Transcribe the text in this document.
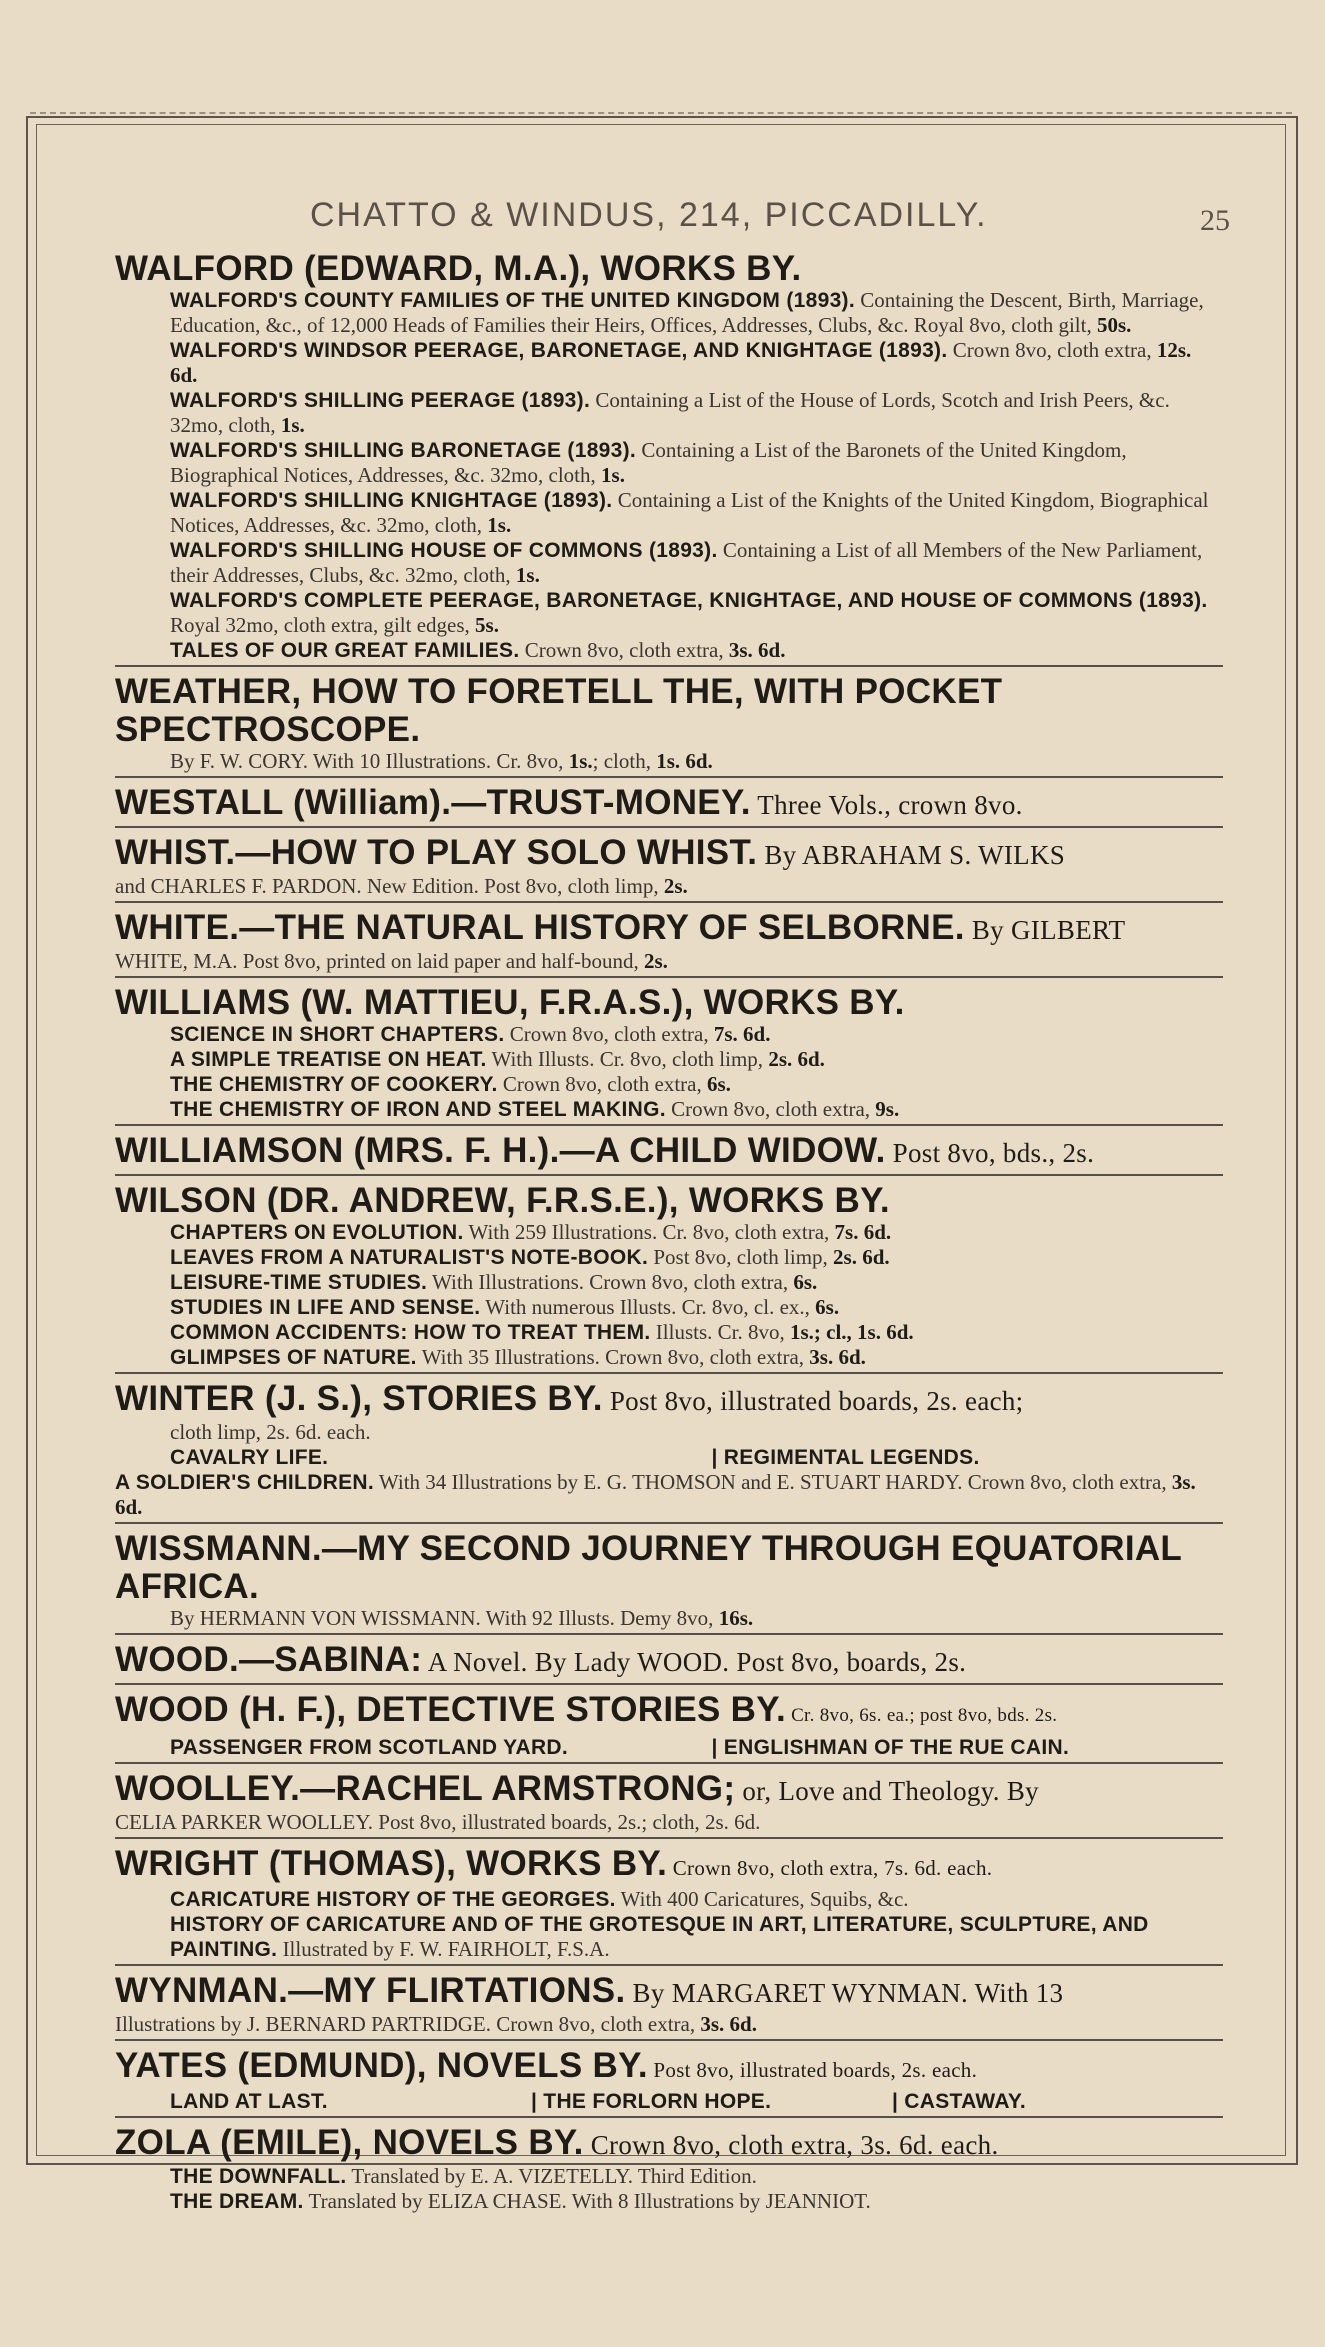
CHATTO & WINDUS, 214, PICCADILLY.	25
WALFORD (EDWARD, M.A.), WORKS BY.
WALFORD'S COUNTY FAMILIES OF THE UNITED KINGDOM (1893). Containing the Descent, Birth, Marriage, Education, &c., of 12,000 Heads of Families their Heirs, Offices, Addresses, Clubs, &c. Royal 8vo, cloth gilt, 50s.
WALFORD'S WINDSOR PEERAGE, BARONETAGE, AND KNIGHTAGE (1893). Crown 8vo, cloth extra, 12s. 6d.
WALFORD'S SHILLING PEERAGE (1893). Containing a List of the House of Lords, Scotch and Irish Peers, &c. 32mo, cloth, 1s.
WALFORD'S SHILLING BARONETAGE (1893). Containing a List of the Baronets of the United Kingdom, Biographical Notices, Addresses, &c. 32mo, cloth, 1s.
WALFORD'S SHILLING KNIGHTAGE (1893). Containing a List of the Knights of the United Kingdom, Biographical Notices, Addresses, &c. 32mo, cloth, 1s.
WALFORD'S SHILLING HOUSE OF COMMONS (1893). Containing a List of all Members of the New Parliament, their Addresses, Clubs, &c. 32mo, cloth, 1s.
WALFORD'S COMPLETE PEERAGE, BARONETAGE, KNIGHTAGE, AND HOUSE OF COMMONS (1893). Royal 32mo, cloth extra, gilt edges, 5s.
TALES OF OUR GREAT FAMILIES. Crown 8vo, cloth extra, 3s. 6d.
WEATHER, HOW TO FORETELL THE, WITH POCKET SPECTROSCOPE.
By F. W. CORY. With 10 Illustrations. Cr. 8vo, 1s.; cloth, 1s. 6d.
WESTALL (William).—TRUST-MONEY. Three Vols., crown 8vo.
WHIST.—HOW TO PLAY SOLO WHIST. By ABRAHAM S. WILKS
and CHARLES F. PARDON. New Edition. Post 8vo, cloth limp, 2s.
WHITE.—THE NATURAL HISTORY OF SELBORNE. By GILBERT
WHITE, M.A. Post 8vo, printed on laid paper and half-bound, 2s.
WILLIAMS (W. MATTIEU, F.R.A.S.), WORKS BY.
SCIENCE IN SHORT CHAPTERS. Crown 8vo, cloth extra, 7s. 6d.
A SIMPLE TREATISE ON HEAT. With Illusts. Cr. 8vo, cloth limp, 2s. 6d.
THE CHEMISTRY OF COOKERY. Crown 8vo, cloth extra, 6s.
THE CHEMISTRY OF IRON AND STEEL MAKING. Crown 8vo, cloth extra, 9s.
WILLIAMSON (MRS. F. H.).—A CHILD WIDOW. Post 8vo, bds., 2s.
WILSON (DR. ANDREW, F.R.S.E.), WORKS BY.
CHAPTERS ON EVOLUTION. With 259 Illustrations. Cr. 8vo, cloth extra, 7s. 6d.
LEAVES FROM A NATURALIST'S NOTE-BOOK. Post 8vo, cloth limp, 2s. 6d.
LEISURE-TIME STUDIES. With Illustrations. Crown 8vo, cloth extra, 6s.
STUDIES IN LIFE AND SENSE. With numerous Illusts. Cr. 8vo, cl. ex., 6s.
COMMON ACCIDENTS: HOW TO TREAT THEM. Illusts. Cr. 8vo, 1s.; cl., 1s. 6d.
GLIMPSES OF NATURE. With 35 Illustrations. Crown 8vo, cloth extra, 3s. 6d.
WINTER (J. S.), STORIES BY. Post 8vo, illustrated boards, 2s. each;
cloth limp, 2s. 6d. each.
CAVALRY LIFE.	| REGIMENTAL LEGENDS.
A SOLDIER'S CHILDREN. With 34 Illustrations by E. G. THOMSON and E. STUART HARDY. Crown 8vo, cloth extra, 3s. 6d.
WISSMANN.—MY SECOND JOURNEY THROUGH EQUATORIAL AFRICA.
By HERMANN VON WISSMANN. With 92 Illusts. Demy 8vo, 16s.
WOOD.—SABINA: A Novel. By Lady WOOD. Post 8vo, boards, 2s.
WOOD (H. F.), DETECTIVE STORIES BY. Cr. 8vo, 6s. ea.; post 8vo, bds. 2s.
PASSENGER FROM SCOTLAND YARD.	| ENGLISHMAN OF THE RUE CAIN.
WOOLLEY.—RACHEL ARMSTRONG; or, Love and Theology. By
CELIA PARKER WOOLLEY. Post 8vo, illustrated boards, 2s.; cloth, 2s. 6d.
WRIGHT (THOMAS), WORKS BY. Crown 8vo, cloth extra, 7s. 6d. each.
CARICATURE HISTORY OF THE GEORGES. With 400 Caricatures, Squibs, &c.
HISTORY OF CARICATURE AND OF THE GROTESQUE IN ART, LITERATURE, SCULPTURE, AND PAINTING. Illustrated by F. W. FAIRHOLT, F.S.A.
WYNMAN.—MY FLIRTATIONS. By MARGARET WYNMAN. With 13
Illustrations by J. BERNARD PARTRIDGE. Crown 8vo, cloth extra, 3s. 6d.
YATES (EDMUND), NOVELS BY. Post 8vo, illustrated boards, 2s. each.
LAND AT LAST.	| THE FORLORN HOPE.	| CASTAWAY.
ZOLA (EMILE), NOVELS BY. Crown 8vo, cloth extra, 3s. 6d. each.
THE DOWNFALL. Translated by E. A. VIZETELLY. Third Edition.
THE DREAM. Translated by ELIZA CHASE. With 8 Illustrations by JEANNIOT.
